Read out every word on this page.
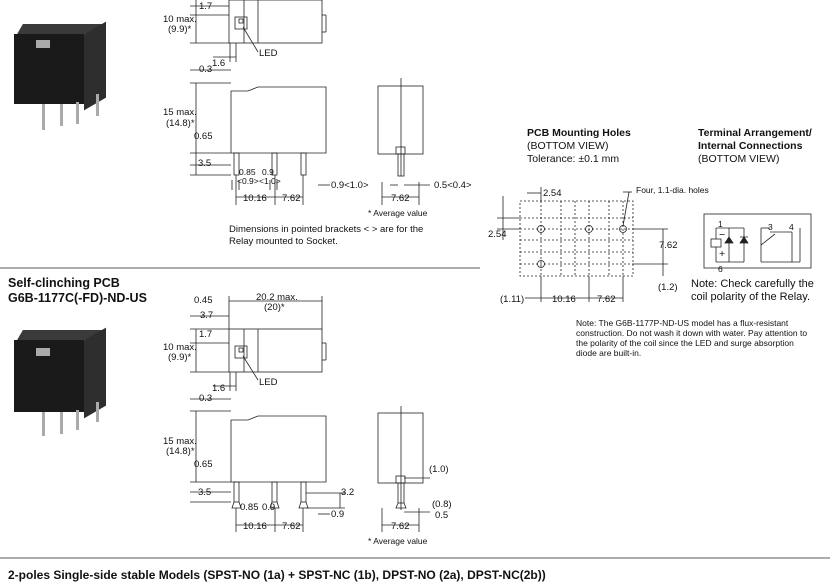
1.7
10 max.
(9.9)*
LED
1.6
0.3
15 max.
(14.8)*
0.65
3.5
0.85
<0.9>
0.9
<1.0>	0.9<1.0>
10.16 7.62	7.62
0.5<0.4>
* Average value
Dimensions in pointed brackets < > are for the
Relay mounted to Socket.
PCB Mounting Holes
(BOTTOM VIEW)
Tolerance: ±0.1 mm
Four, 1.1-dia. holes
2.54
2.54
7.62
(1.2)
(1.11)	10.16 7.62
Terminal Arrangement/
Internal Connections
(BOTTOM VIEW)
1	3 4
6
−
+
Note: Check carefully the
coil polarity of the Relay.
Note: The G6B-1177P-ND-US model has a flux-resistant construction. Do not wash it down with water. Pay attention to the polarity of the coil since the LED and surge absorption diode are built-in.
Self-clinching PCB
G6B-1177C(-FD)-ND-US	0.45	20.2 max.
(20)*
3.7
1.7
10 max.
(9.9)*
LED
1.6
0.3
15 max.
(14.8)*
0.65
3.5
0.85 0.9
3.2
0.9
10.16 7.62
(1.0)
(0.8)
0.5
7.62
* Average value
2-poles Single-side stable Models (SPST-NO (1a) + SPST-NC (1b), DPST-NO (2a), DPST-NC(2b))
